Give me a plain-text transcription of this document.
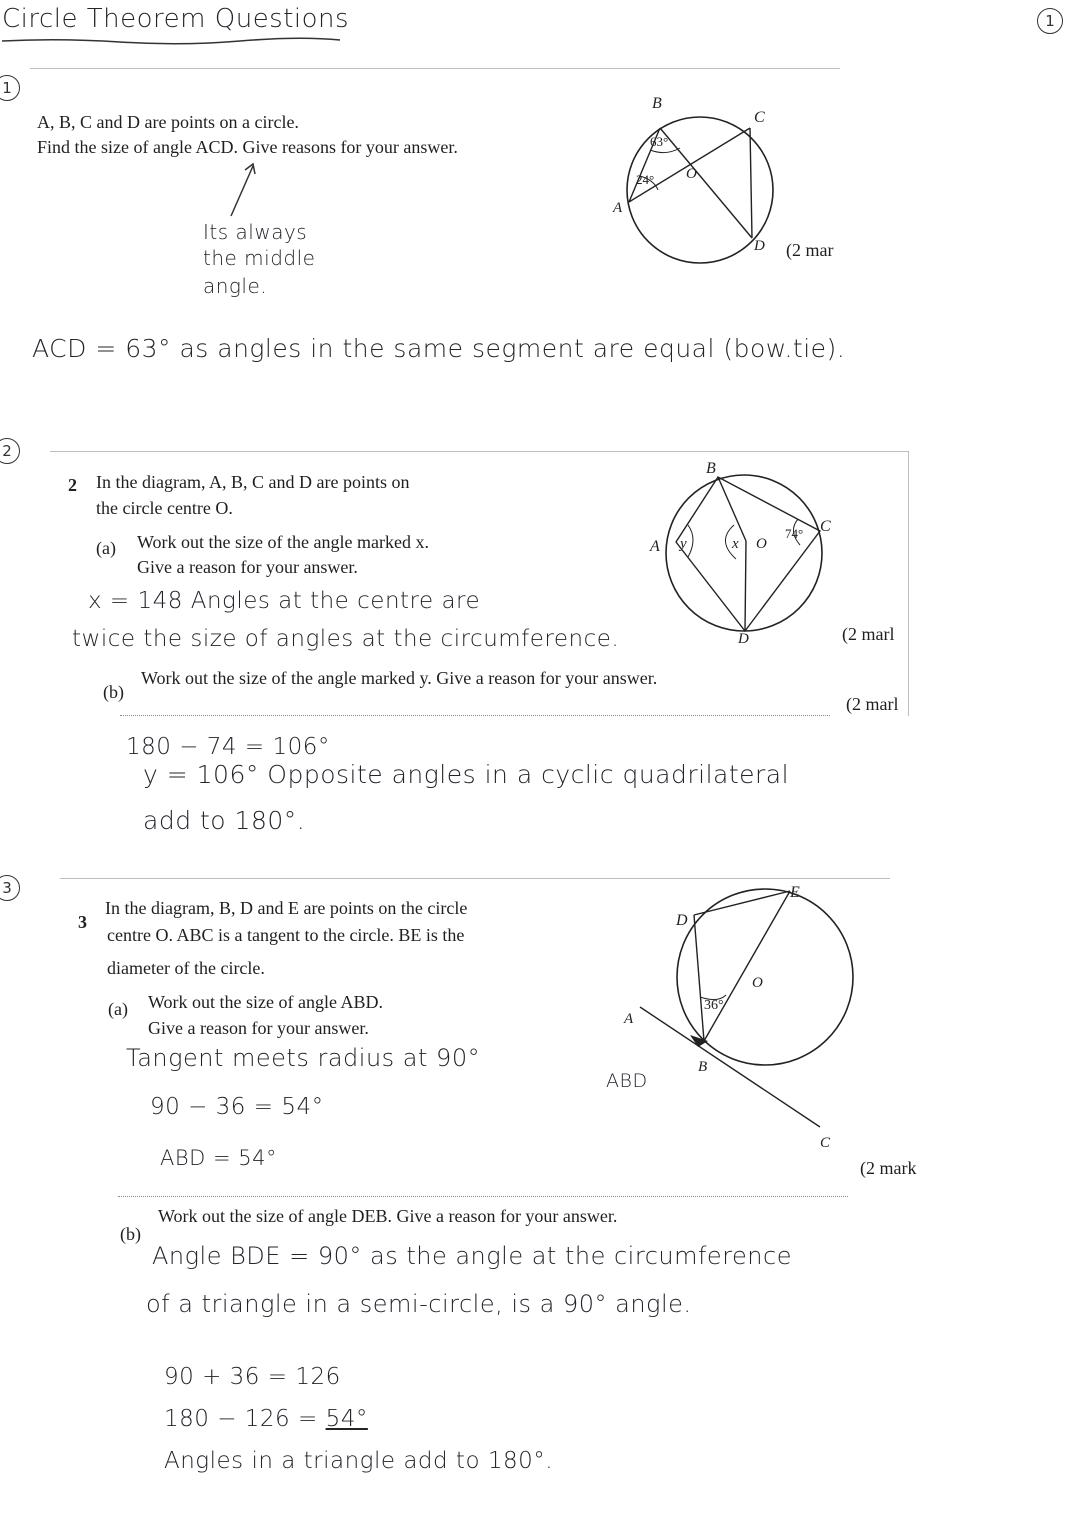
Circle Theorem Questions	1
1
A, B, C and D are points on a circle.
Find the size of angle ACD. Give reasons for your answer.
Its always
the middle
angle.
B
C
A
D
O
63°
24°
(2 mar
ACD = 63° as angles in the same segment are equal (bow.tie).
2
2 In the diagram, A, B, C and D are points on
the circle centre O.
(a) Work out the size of the angle marked x.
Give a reason for your answer.
x = 148 Angles at the centre are
twice the size of angles at the circumference.	(2 marl
B
C
A
D
O
x
y
74°
(b)
Work out the size of the angle marked y. Give a reason for your answer.
(2 marl
180 − 74 = 106°
y = 106° Opposite angles in a cyclic quadrilateral
add to 180°.
3
3
In the diagram, B, D and E are points on the circle
centre O. ABC is a tangent to the circle. BE is the
diameter of the circle.
(a) Work out the size of angle ABD.
Give a reason for your answer.
Tangent meets radius at 90°
90 − 36 = 54°
ABD = 54°
ABD
E
D
O
A
B
C
36°
(2 mark
(b)
Work out the size of angle DEB. Give a reason for your answer.
Angle BDE = 90° as the angle at the circumference
of a triangle in a semi-circle, is a 90° angle.
90 + 36 = 126
180 − 126 = 54°
Angles in a triangle add to 180°.
